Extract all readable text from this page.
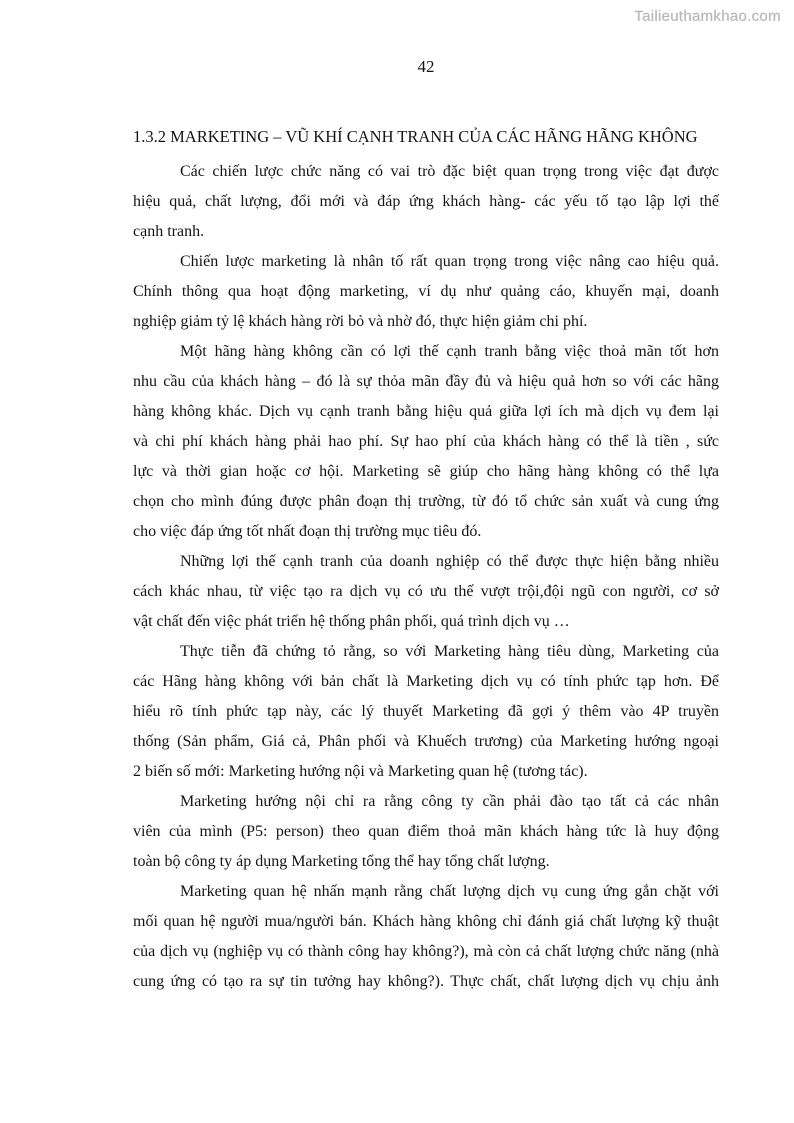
Tailieuthamkhao.com
42
1.3.2 MARKETING – VŨ KHÍ CẠNH TRANH CỦA CÁC HÃNG HÃNG KHÔNG
Các chiến lược chức năng có vai trò đặc biệt quan trọng trong việc đạt được
hiệu quả, chất lượng, đổi mới và đáp ứng khách hàng- các yếu tố tạo lập lợi thế
cạnh tranh.
Chiến lược marketing là nhân tố rất quan trọng trong việc nâng cao hiệu quả.
Chính thông qua hoạt động marketing, ví dụ như quảng cáo, khuyến mại, doanh
nghiệp giảm tỷ lệ khách hàng rời bỏ và nhờ đó, thực hiện giảm chi phí.
Một hãng hàng không cần có lợi thế cạnh tranh bằng việc thoả mãn tốt hơn
nhu cầu của khách hàng – đó là sự thỏa mãn đầy đủ và hiệu quả hơn so với các hãng
hàng không khác. Dịch vụ cạnh tranh bằng hiệu quả giữa lợi ích mà dịch vụ đem lại
và chi phí khách hàng phải hao phí. Sự hao phí của khách hàng có thể là tiền , sức
lực và thời gian hoặc cơ hội. Marketing sẽ giúp cho hãng hàng không có thể lựa
chọn cho mình đúng được phân đoạn thị trường, từ đó tổ chức sản xuất và cung ứng
cho việc đáp ứng tốt nhất đoạn thị trường mục tiêu đó.
Những lợi thế cạnh tranh của doanh nghiệp có thể được thực hiện bằng nhiều
cách khác nhau, từ việc tạo ra dịch vụ có ưu thế vượt trội,đội ngũ con người, cơ sở
vật chất đến việc phát triển hệ thống phân phối, quá trình dịch vụ …
Thực tiễn đã chứng tỏ rằng, so với Marketing hàng tiêu dùng, Marketing của
các Hãng hàng không với bản chất là Marketing dịch vụ có tính phức tạp hơn. Để
hiểu rõ tính phức tạp này, các lý thuyết Marketing đã gợi ý thêm vào 4P truyền
thống (Sản phẩm, Giá cả, Phân phối và Khuếch trương) của Marketing hướng ngoại
2 biến số mới: Marketing hướng nội và Marketing quan hệ (tương tác).
Marketing hướng nội chỉ ra rằng công ty cần phải đào tạo tất cả các nhân
viên của mình (P5: person) theo quan điểm thoả mãn khách hàng tức là huy động
toàn bộ công ty áp dụng Marketing tổng thể hay tổng chất lượng.
Marketing quan hệ nhấn mạnh rằng chất lượng dịch vụ cung ứng gắn chặt với
mối quan hệ người mua/người bán. Khách hàng không chỉ đánh giá chất lượng kỹ thuật
của dịch vụ (nghiệp vụ có thành công hay không?), mà còn cả chất lượng chức năng (nhà
cung ứng có tạo ra sự tin tưởng hay không?). Thực chất, chất lượng dịch vụ chịu ảnh
